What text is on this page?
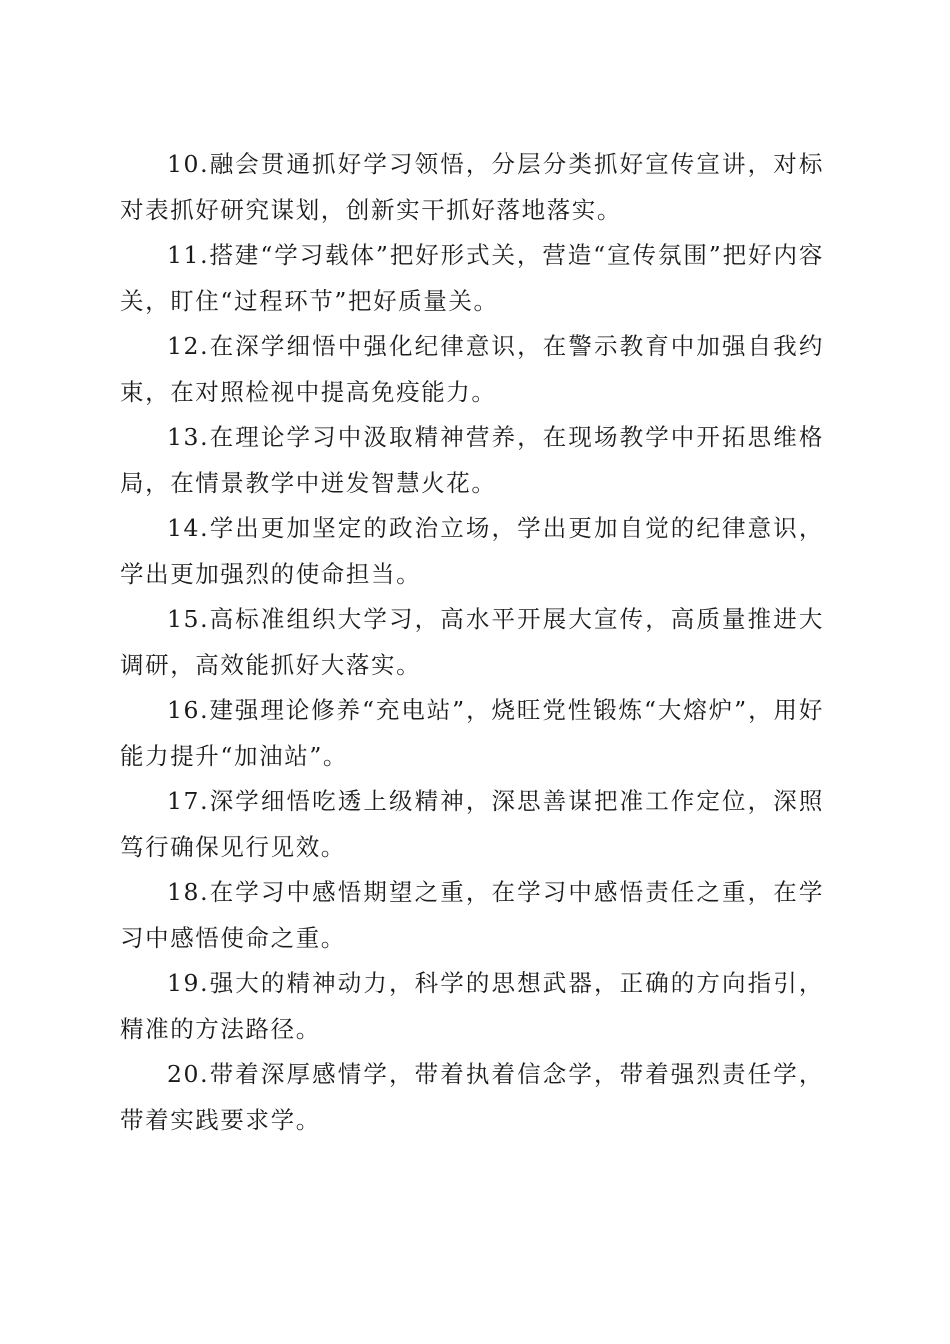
10.融会贯通抓好学习领悟，分层分类抓好宣传宣讲，对标对表抓好研究谋划，创新实干抓好落地落实。

11.搭建“学习载体”把好形式关，营造“宣传氛围”把好内容关，盯住“过程环节”把好质量关。

12.在深学细悟中强化纪律意识，在警示教育中加强自我约束，在对照检视中提高免疫能力。

13.在理论学习中汲取精神营养，在现场教学中开拓思维格局，在情景教学中迸发智慧火花。

14.学出更加坚定的政治立场，学出更加自觉的纪律意识，学出更加强烈的使命担当。

15.高标准组织大学习，高水平开展大宣传，高质量推进大调研，高效能抓好大落实。

16.建强理论修养“充电站”，烧旺党性锻炼“大熔炉”，用好能力提升“加油站”。

17.深学细悟吃透上级精神，深思善谋把准工作定位，深照笃行确保见行见效。

18.在学习中感悟期望之重，在学习中感悟责任之重，在学习中感悟使命之重。

19.强大的精神动力，科学的思想武器，正确的方向指引，精准的方法路径。

20.带着深厚感情学，带着执着信念学，带着强烈责任学，带着实践要求学。
